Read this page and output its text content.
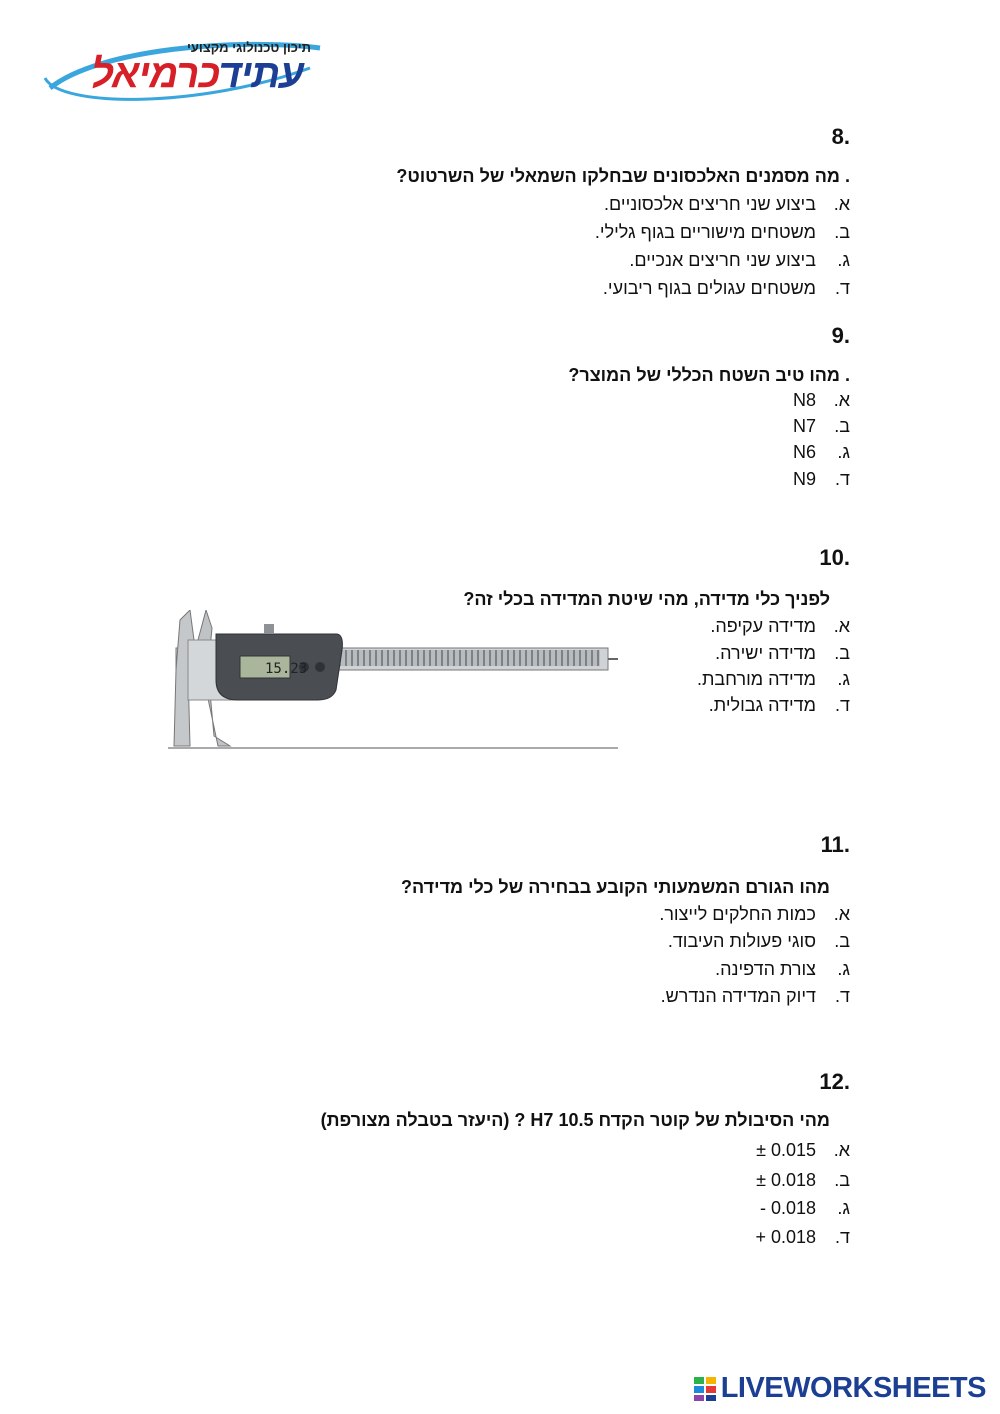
תיכון טכנולוגי מקצועי
עתידכרמיאל
8.
. מה מסמנים האלכסונים שבחלקו השמאלי של השרטוט?
א.ביצוע שני חריצים אלכסוניים.
ב.משטחים מישוריים בגוף גלילי.
ג.ביצוע שני חריצים אנכיים.
ד.משטחים עגולים בגוף ריבועי.
9.
. מהו טיב השטח הכללי של המוצר?
א.N8
ב.N7
ג.N6
ד.N9
10.
לפניך כלי מדידה, מהי שיטת המדידה בכלי זה?
15.23
א.מדידה עקיפה.
ב.מדידה ישירה.
ג.מדידה מורחבת.
ד.מדידה גבולית.
11.
מהו הגורם המשמעותי הקובע בבחירה של כלי מדידה?
א.כמות החלקים לייצור.
ב.סוגי פעולות העיבוד.
ג.צורת הדפינה.
ד.דיוק המדידה הנדרש.
12.
מהי הסיבולת של קוטר הקדח 10.5 H7 ? (היעזר בטבלה מצורפת)
א.0.015 ±
ב.0.018 ±
ג.0.018 -
ד.0.018 +
LIVEWORKSHEETS
